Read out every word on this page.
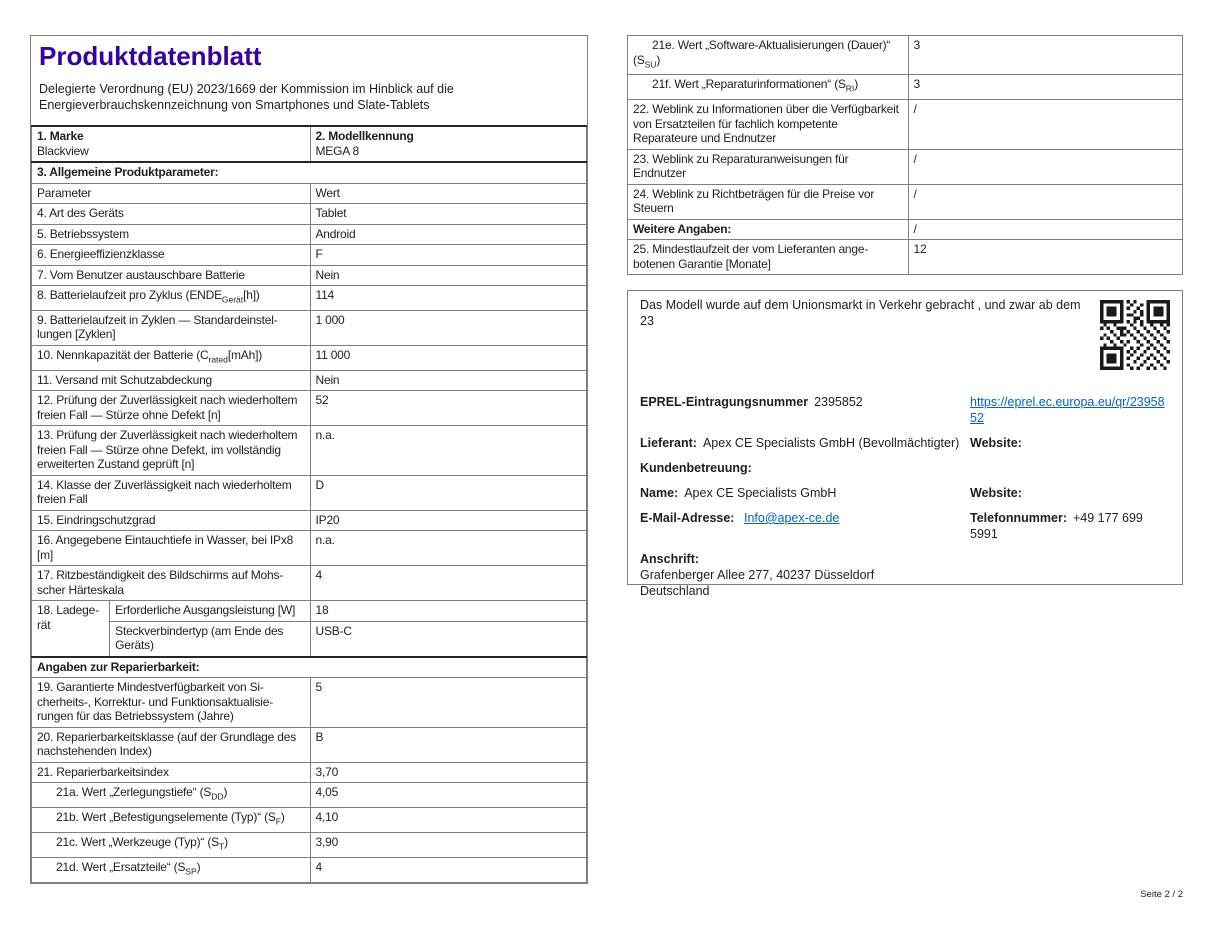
Produktdatenblatt

Delegierte Verordnung (EU) 2023/1669 der Kommission im Hinblick auf die Energieverbrauchskennzeichnung von Smartphones und Slate-Tablets

1. Marke
Blackview

2. Modellkennung
MEGA 8

3. Allgemeine Produktparameter:		
Parameter		Wert
4. Art des Geräts		Tablet
5. Betriebssystem		Android
6. Energieeffizienzklasse		F
7. Vom Benutzer austauschbare Batterie		Nein
8. Batterielaufzeit pro Zyklus $(ENDE_{Gerät}[h])$		114
9. Batterielaufzeit in Zyklen — Standardeinstellungen [Zyklen]		1 000
10. Nennkapazität der Batterie $(C_{rated}[mAh])$		11 000
11. Versand mit Schutzabdeckung		Nein
12. Prüfung der Zuverlässigkeit nach wiederholtem freien Fall — Stürze ohne Defekt [n]		52
13. Prüfung der Zuverlässigkeit nach wiederholtem freien Fall — Stürze ohne Defekt, im vollständig erweiterten Zustand geprüft [n]		n.a.
14. Klasse der Zuverlässigkeit nach wiederholtem freien Fall		D
15. Eindringschutzgrad		IP20
16. Angegebene Eintauchtiefe in Wasser, bei IPx8 [m]		n.a.
17. Ritzbeständigkeit des Bildschirms auf Mohsscher Härteskala		4
18. Ladegerät	Erforderliche Ausgangsleistung [W]	18
	Steckverbindertyp (am Ende des Geräts)	USB-C
Angaben zur Reparierbarkeit:		
19. Garantierte Mindestverfügbarkeit von Sicherheits-, Korrektur- und Funktionsaktualisierungen für das Betriebssystem (Jahre)		5
20. Reparierbarkeitsklasse (auf der Grundlage des nachstehenden Index)		B
21. Reparierbarkeitsindex		3,70

21a. Wert „Zerlegungstiefe“ $(S_{DD})$		4,05

21b. Wert „Befestigungselemente (Typ)“ $(S_F)$		4,10

21c. Wert „Werkzeuge (Typ)“ $(S_T)$		3,90

21d. Wert „Ersatzteile“ $(S_{SP})$		4
21e. Wert „Software-Aktualisierungen (Dauer)“ $(S_{SU})$	3

21f. Wert „Reparaturinformationen“ $(S_{RI})$	3
22. Weblink zu Informationen über die Verfügbarkeit von Ersatzteilen für fachlich kompetente Reparateure und Endnutzer	/
23. Weblink zu Reparaturanweisungen für Endnutzer	/
24. Weblink zu Richtbeträgen für die Preise vor Steuern	/
Weitere Angaben:	/
25. Mindestlaufzeit der vom Lieferanten angebotenen Garantie [Monate]	12

Das Modell wurde auf dem Unionsmarkt in Verkehr gebracht , und zwar ab dem 23

EPREL-Eintragungsnummer 2395852	https://eprel.ec.europa.eu/qr/2395852
Lieferant: Apex CE Specialists GmbH (Bevollmächtigter) Website:
Kundenbetreuung:
Name: Apex CE Specialists GmbH	Website:
E-Mail-Adresse: Info@apex-ce.de	Telefonnummer: +49 177 699 5991

Anschrift:

Grafenberger Allee 277, 40237 Düsseldorf

Deutschland

Seite 2 / 2
